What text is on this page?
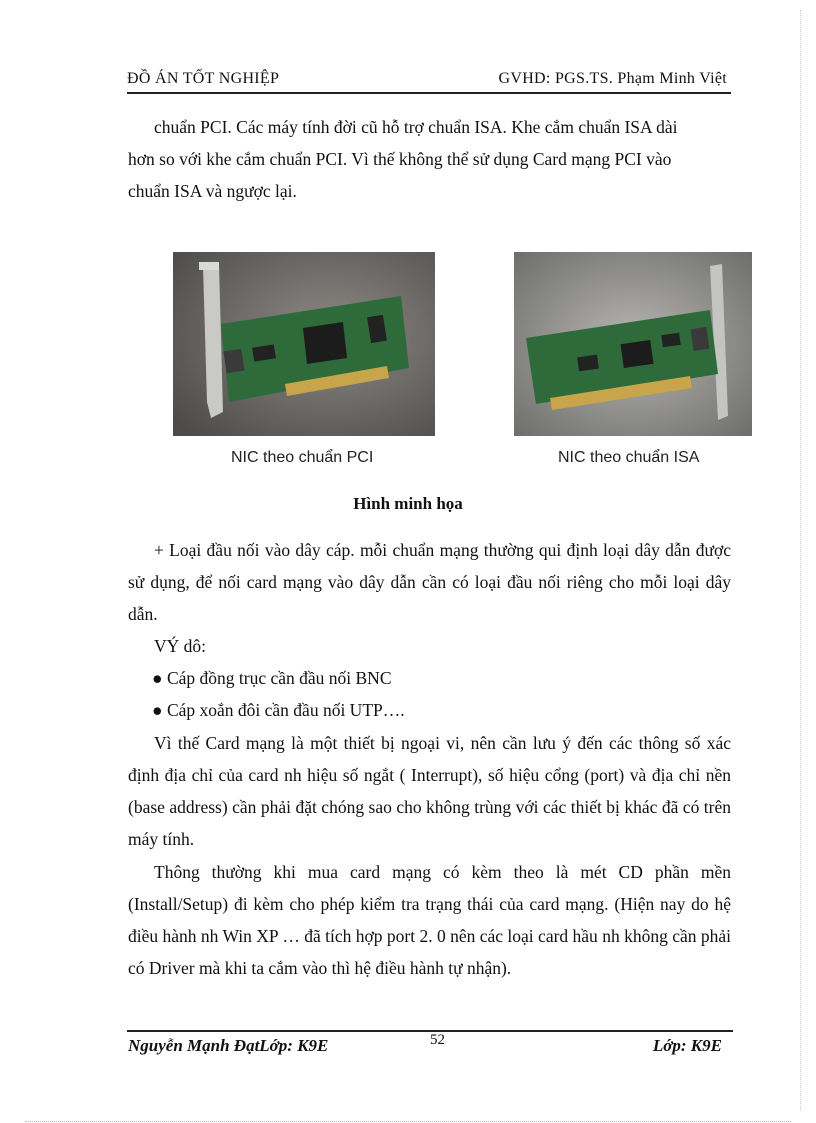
ĐỒ ÁN TỐT NGHIỆP	GVHD: PGS.TS. Phạm Minh Việt
chuẩn PCI. Các máy tính đời cũ hỗ trợ chuẩn ISA. Khe cắm chuẩn ISA dài
hơn so với khe cắm chuẩn PCI. Vì thế không thể sử dụng Card mạng PCI vào
chuẩn ISA và ngược lại.
NIC theo chuẩn PCI	NIC theo chuẩn ISA
Hình minh họa

+ Loại đầu nối vào dây cáp. mỗi chuẩn mạng thường qui định loại dây dẫn được sử dụng, để nối card mạng vào dây dẫn cần có loại đầu nối riêng cho mỗi loại dây dẫn.

VÝ dô:
● Cáp đồng trục cần đầu nối BNC
● Cáp xoắn đôi cần đầu nối UTP….

Vì thế Card mạng là một thiết bị ngoại vi, nên cần lưu ý đến các thông số xác định địa chỉ của card nh hiệu số ngắt ( Interrupt), số hiệu cổng (port) và địa chỉ nền (base address) cần phải đặt chóng sao cho không trùng với các thiết bị khác đã có trên máy tính.

Thông thường khi mua card mạng có kèm theo là mét CD phần mền (Install/Setup) đi kèm cho phép kiểm tra trạng thái của card mạng. (Hiện nay do hệ điều hành nh Win XP … đã tích hợp port 2. 0 nên các loại card hầu nh không cần phải có Driver mà khi ta cắm vào thì hệ điều hành tự nhận).

Nguyễn Mạnh ĐạtLớp: K9E	52	Lớp: K9E
